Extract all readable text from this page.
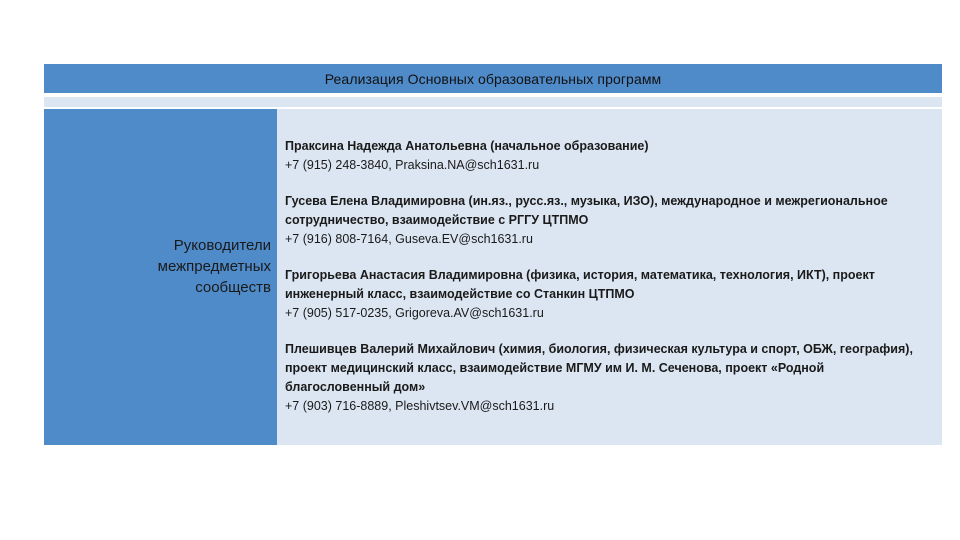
Реализация Основных образовательных программ
Руководители
межпредметных
сообществ
Праксина Надежда Анатольевна (начальное образование)
+7 (915) 248-3840, Praksina.NA@sch1631.ru
Гусева Елена Владимировна (ин.яз., русс.яз., музыка, ИЗО), международное и межрегиональное сотрудничество, взаимодействие с РГГУ ЦТПМО
+7 (916) 808-7164, Guseva.EV@sch1631.ru
Григорьева Анастасия Владимировна (физика, история, математика, технология, ИКТ), проект инженерный класс, взаимодействие со Станкин ЦТПМО
+7 (905) 517-0235, Grigoreva.AV@sch1631.ru
Плешивцев Валерий Михайлович (химия, биология, физическая культура и спорт, ОБЖ, география), проект медицинский класс, взаимодействие МГМУ им И. М. Сеченова, проект «Родной благословенный дом»
+7 (903) 716-8889, Pleshivtsev.VM@sch1631.ru
